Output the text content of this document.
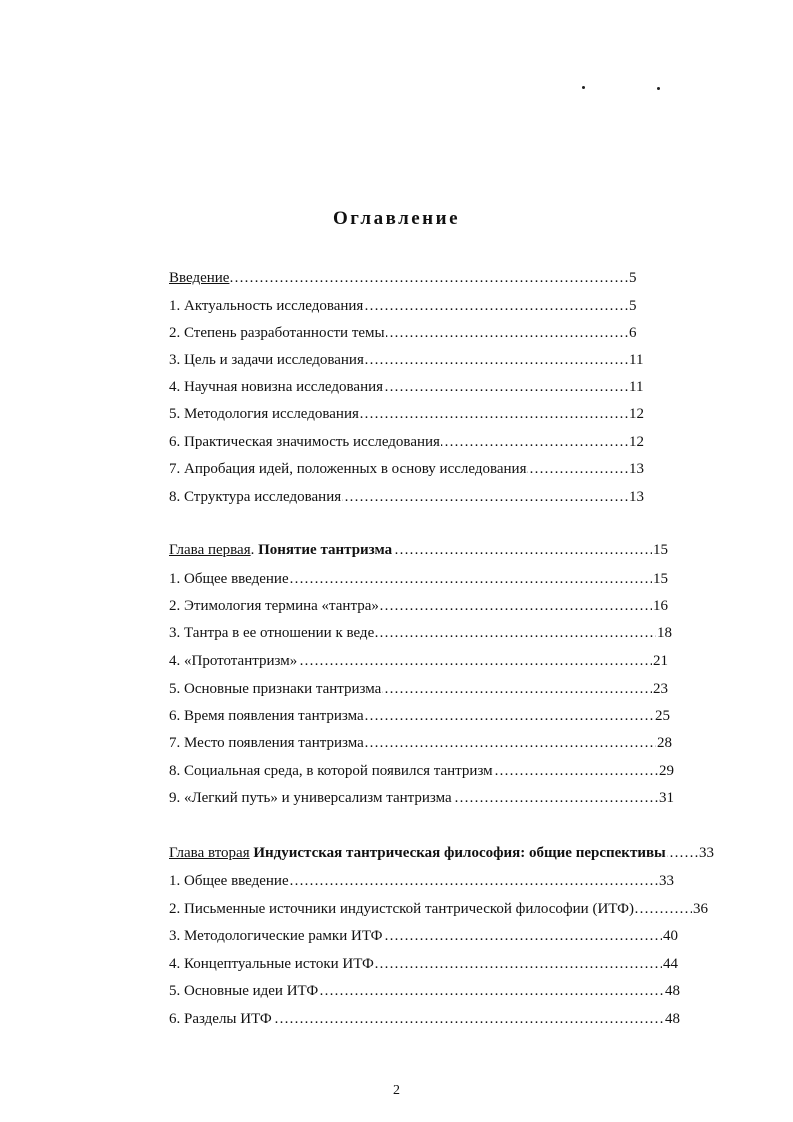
Оглавление
……………………………………………………………………………………………………………………………………………………………
Введение	5
……………………………………………………………………………………………………………………………………………………………
1. Актуальность исследования	5
……………………………………………………………………………………………………………………………………………………………
2. Степень разработанности темы	6
……………………………………………………………………………………………………………………………………………………………
3. Цель и задачи исследования	11
……………………………………………………………………………………………………………………………………………………………
4. Научная новизна исследования	11
……………………………………………………………………………………………………………………………………………………………
5. Методология исследования	12
……………………………………………………………………………………………………………………………………………………………
6. Практическая значимость исследования	12
……………………………………………………………………………………………………………………………………………………………
7. Апробация идей, положенных в основу исследования	13
……………………………………………………………………………………………………………………………………………………………
8. Структура исследования	13
……………………………………………………………………………………………………………………………………………………………
Глава первая. Понятие тантризма	15
……………………………………………………………………………………………………………………………………………………………
1. Общее введение	15
……………………………………………………………………………………………………………………………………………………………
2. Этимология термина «тантра»	16
……………………………………………………………………………………………………………………………………………………………
3. Тантра в ее отношении к веде	18
……………………………………………………………………………………………………………………………………………………………
4. «Прототантризм»	21
……………………………………………………………………………………………………………………………………………………………
5. Основные признаки тантризма	23
……………………………………………………………………………………………………………………………………………………………
6. Время появления тантризма	25
……………………………………………………………………………………………………………………………………………………………
7. Место появления тантризма	28
……………………………………………………………………………………………………………………………………………………………
8. Социальная среда, в которой появился тантризм	29
……………………………………………………………………………………………………………………………………………………………
9. «Легкий путь» и универсализм тантризма	31
……………………………………………………………………………………………………………………………………………………………
Глава вторая Индуистская тантрическая философия: общие перспективы 33
……………………………………………………………………………………………………………………………………………………………
1. Общее введение	33
……………………………………………………………………………………………………………………………………………………………
2. Письменные источники индуистской тантрической философии (ИТФ)	36
……………………………………………………………………………………………………………………………………………………………
3. Методологические рамки ИТФ	40
……………………………………………………………………………………………………………………………………………………………
4. Концептуальные истоки ИТФ	44
……………………………………………………………………………………………………………………………………………………………
5. Основные идеи ИТФ	48
……………………………………………………………………………………………………………………………………………………………
6. Разделы ИТФ	48
2
